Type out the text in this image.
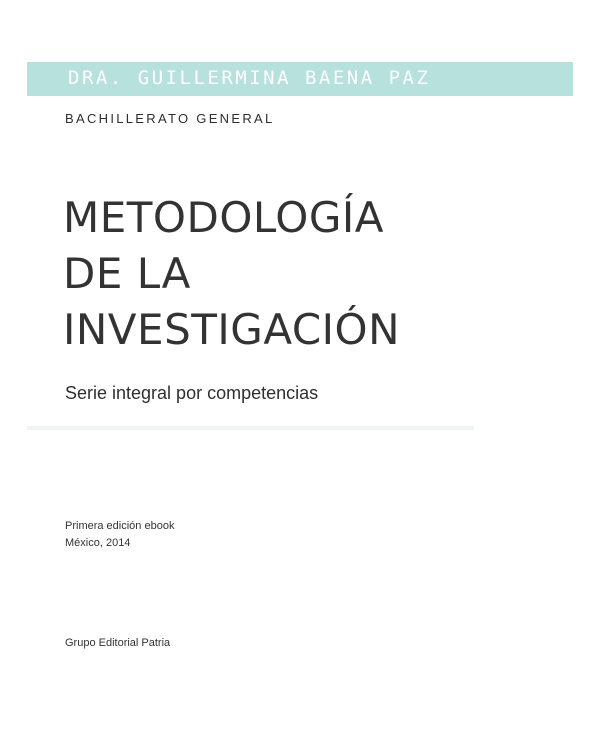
DRA. GUILLERMINA BAENA PAZ
BACHILLERATO GENERAL
METODOLOGÍA
DE LA
INVESTIGACIÓN
Serie integral por competencias
Primera edición ebook
México, 2014
Grupo Editorial Patria
